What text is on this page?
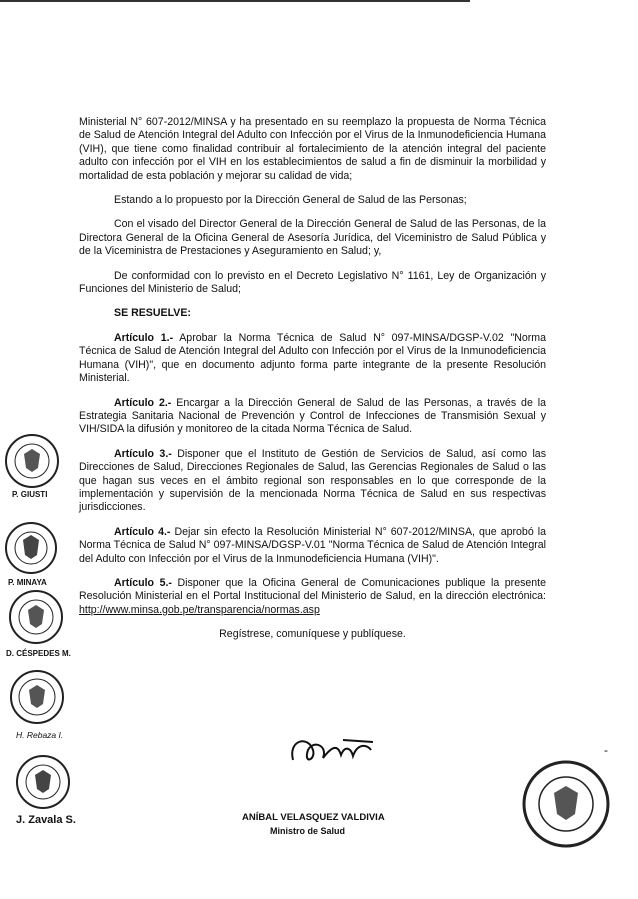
Ministerial N° 607-2012/MINSA y ha presentado en su reemplazo la propuesta de Norma Técnica de Salud de Atención Integral del Adulto con Infección por el Virus de la Inmunodeficiencia Humana (VIH), que tiene como finalidad contribuir al fortalecimiento de la atención integral del paciente adulto con infección por el VIH en los establecimientos de salud a fin de disminuir la morbilidad y mortalidad de esta población y mejorar su calidad de vida;

Estando a lo propuesto por la Dirección General de Salud de las Personas;

Con el visado del Director General de la Dirección General de Salud de las Personas, de la Directora General de la Oficina General de Asesoría Jurídica, del Viceministro de Salud Pública y de la Viceministra de Prestaciones y Aseguramiento en Salud; y,

De conformidad con lo previsto en el Decreto Legislativo N° 1161, Ley de Organización y Funciones del Ministerio de Salud;

SE RESUELVE:

Artículo 1.- Aprobar la Norma Técnica de Salud N° 097-MINSA/DGSP-V.02 "Norma Técnica de Salud de Atención Integral del Adulto con Infección por el Virus de la Inmunodeficiencia Humana (VIH)", que en documento adjunto forma parte integrante de la presente Resolución Ministerial.

Artículo 2.- Encargar a la Dirección General de Salud de las Personas, a través de la Estrategia Sanitaria Nacional de Prevención y Control de Infecciones de Transmisión Sexual y VIH/SIDA la difusión y monitoreo de la citada Norma Técnica de Salud.

Artículo 3.- Disponer que el Instituto de Gestión de Servicios de Salud, así como las Direcciones de Salud, Direcciones Regionales de Salud, las Gerencias Regionales de Salud o las que hagan sus veces en el ámbito regional son responsables en lo que corresponde de la implementación y supervisión de la mencionada Norma Técnica de Salud en sus respectivas jurisdicciones.

Artículo 4.- Dejar sin efecto la Resolución Ministerial N° 607-2012/MINSA, que aprobó la Norma Técnica de Salud N° 097-MINSA/DGSP-V.01 "Norma Técnica de Salud de Atención Integral del Adulto con Infección por el Virus de la Inmunodeficiencia Humana (VIH)".

Artículo 5.- Disponer que la Oficina General de Comunicaciones publique la presente Resolución Ministerial en el Portal Institucional del Ministerio de Salud, en la dirección electrónica: http://www.minsa.gob.pe/transparencia/normas.asp

Regístrese, comuníquese y publíquese.
P. GIUSTI
P. MINAYA
D. CÉSPEDES M.
H. Rebaza I.
J. Zavala S.	ANÍBAL VELASQUEZ VALDIVIA
Ministro de Salud
-
